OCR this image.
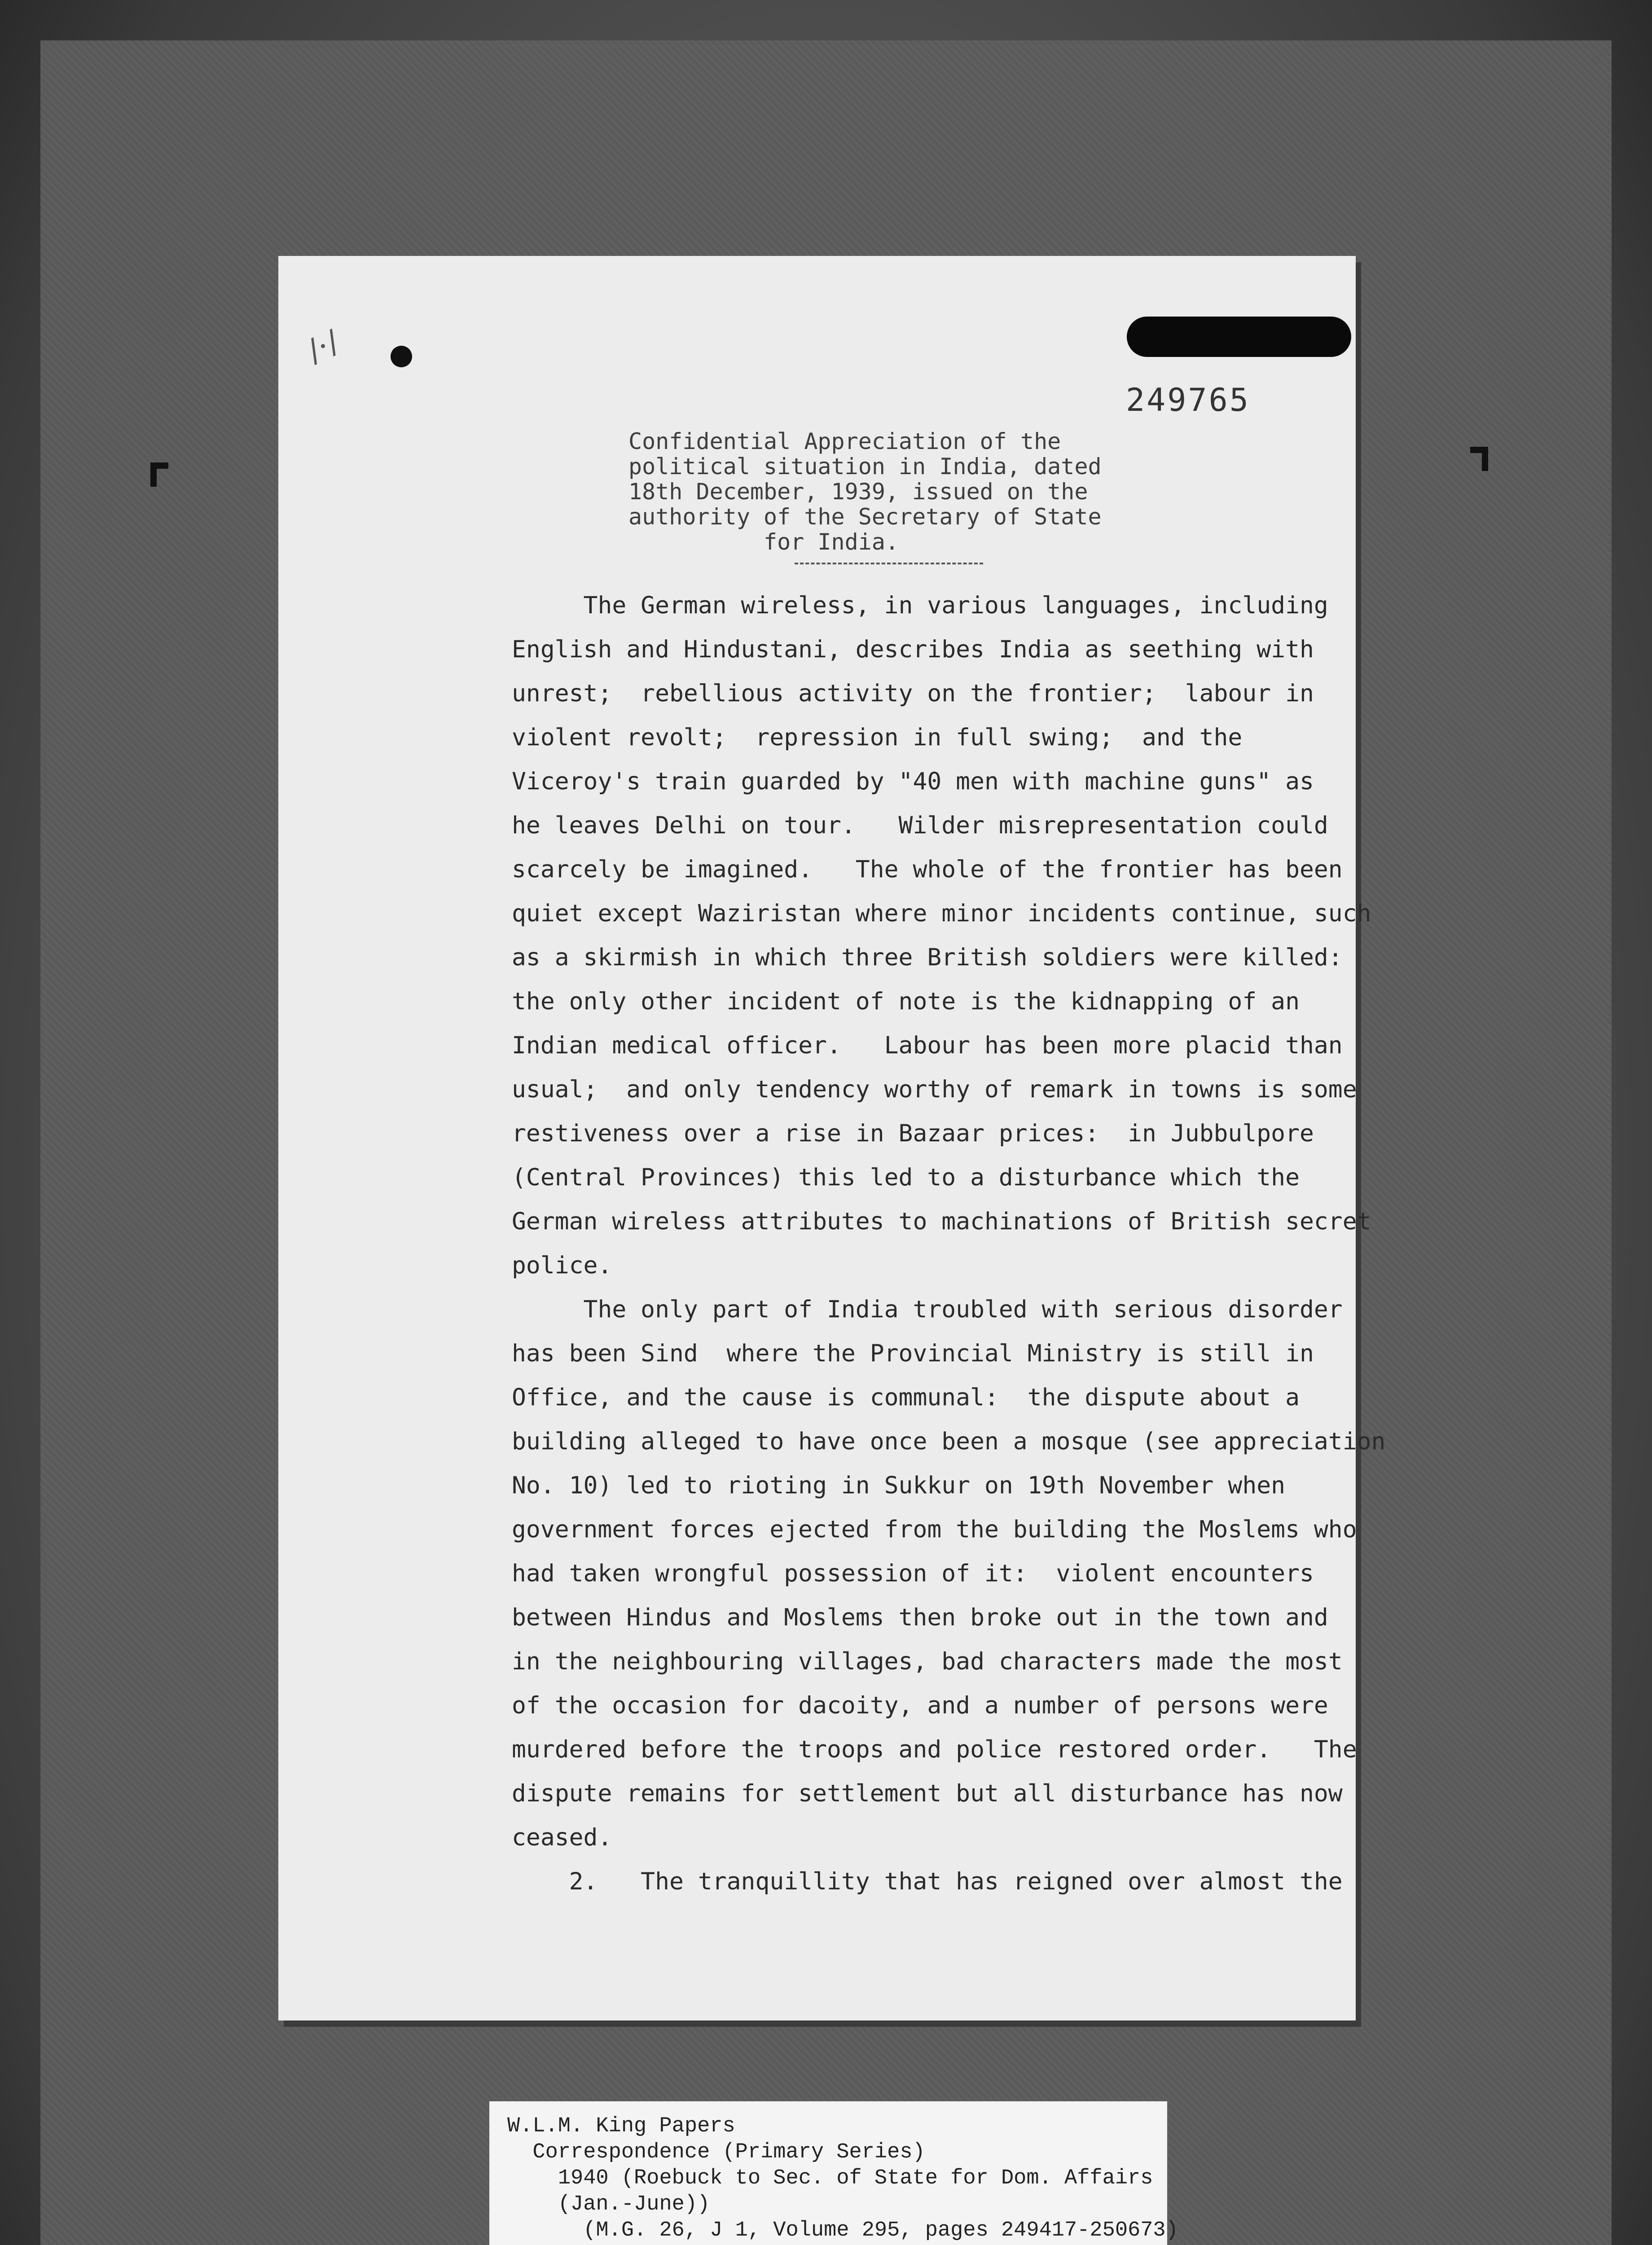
∕·∕
249765
Confidential Appreciation of the
political situation in India, dated
18th December, 1939, issued on the
authority of the Secretary of State
for India.
The German wireless, in various languages, including
English and Hindustani, describes India as seething with
unrest;  rebellious activity on the frontier;  labour in
violent revolt;  repression in full swing;  and the
Viceroy's train guarded by "40 men with machine guns" as
he leaves Delhi on tour.   Wilder misrepresentation could
scarcely be imagined.   The whole of the frontier has been
quiet except Waziristan where minor incidents continue, such
as a skirmish in which three British soldiers were killed:
the only other incident of note is the kidnapping of an
Indian medical officer.   Labour has been more placid than
usual;  and only tendency worthy of remark in towns is some
restiveness over a rise in Bazaar prices:  in Jubbulpore
(Central Provinces) this led to a disturbance which the
German wireless attributes to machinations of British secret
police.
The only part of India troubled with serious disorder
has been Sind  where the Provincial Ministry is still in
Office, and the cause is communal:  the dispute about a
building alleged to have once been a mosque (see appreciation
No. 10) led to rioting in Sukkur on 19th November when
government forces ejected from the building the Moslems who
had taken wrongful possession of it:  violent encounters
between Hindus and Moslems then broke out in the town and
in the neighbouring villages, bad characters made the most
of the occasion for dacoity, and a number of persons were
murdered before the troops and police restored order.   The
dispute remains for settlement but all disturbance has now
ceased.
2.   The tranquillity that has reigned over almost the
W.L.M. King Papers
Correspondence (Primary Series)
1940 (Roebuck to Sec. of State for Dom. Affairs
(Jan.-June))
(M.G. 26, J 1, Volume 295, pages 249417-250673)
